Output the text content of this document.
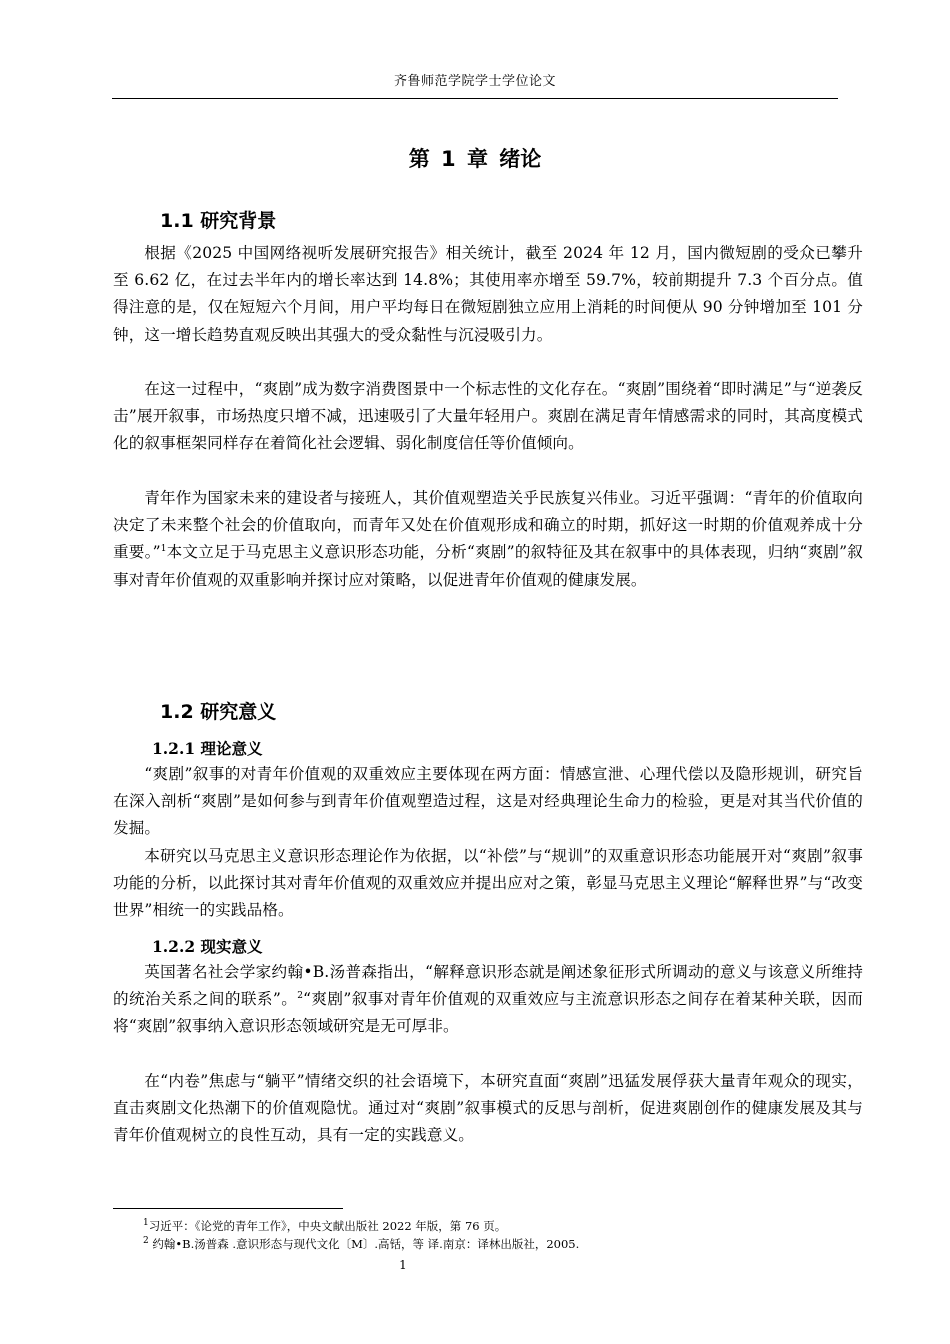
齐鲁师范学院学士学位论文
第 1 章 绪论
1.1 研究背景
根据《2025 中国网络视听发展研究报告》相关统计，截至 2024 年 12 月，国内微短剧的受众已攀升至 6.62 亿，在过去半年内的增长率达到 14.8%；其使用率亦增至 59.7%，较前期提升 7.3 个百分点。值得注意的是，仅在短短六个月间，用户平均每日在微短剧独立应用上消耗的时间便从 90 分钟增加至 101 分钟，这一增长趋势直观反映出其强大的受众黏性与沉浸吸引力。
在这一过程中，“爽剧”成为数字消费图景中一个标志性的文化存在。“爽剧”围绕着“即时满足”与“逆袭反击”展开叙事，市场热度只增不减，迅速吸引了大量年轻用户。爽剧在满足青年情感需求的同时，其高度模式化的叙事框架同样存在着简化社会逻辑、弱化制度信任等价值倾向。
青年作为国家未来的建设者与接班人，其价值观塑造关乎民族复兴伟业。习近平强调：“青年的价值取向决定了未来整个社会的价值取向，而青年又处在价值观形成和确立的时期，抓好这一时期的价值观养成十分重要。”$^1$本文立足于马克思主义意识形态功能，分析“爽剧”的叙特征及其在叙事中的具体表现，归纳“爽剧”叙事对青年价值观的双重影响并探讨应对策略，以促进青年价值观的健康发展。
1.2 研究意义
1.2.1 理论意义
“爽剧”叙事的对青年价值观的双重效应主要体现在两方面：情感宣泄、心理代偿以及隐形规训，研究旨在深入剖析“爽剧”是如何参与到青年价值观塑造过程，这是对经典理论生命力的检验，更是对其当代价值的发掘。
本研究以马克思主义意识形态理论作为依据，以“补偿”与“规训”的双重意识形态功能展开对“爽剧”叙事功能的分析，以此探讨其对青年价值观的双重效应并提出应对之策，彰显马克思主义理论“解释世界”与“改变世界”相统一的实践品格。
1.2.2 现实意义
英国著名社会学家约翰•B.汤普森指出，“解释意识形态就是阐述象征形式所调动的意义与该意义所维持的统治关系之间的联系”。$^2$“爽剧”叙事对青年价值观的双重效应与主流意识形态之间存在着某种关联，因而将“爽剧”叙事纳入意识形态领域研究是无可厚非。
在“内卷”焦虑与“躺平”情绪交织的社会语境下，本研究直面“爽剧”迅猛发展俘获大量青年观众的现实，直击爽剧文化热潮下的价值观隐忧。通过对“爽剧”叙事模式的反思与剖析，促进爽剧创作的健康发展及其与青年价值观树立的良性互动，具有一定的实践意义。
$^1$习近平：《论党的青年工作》，中央文献出版社 2022 年版，第 76 页。
$^2$ 约翰•B.汤普森 .意识形态与现代文化〔M〕.高铦，等 译.南京：译林出版社，2005.
1
